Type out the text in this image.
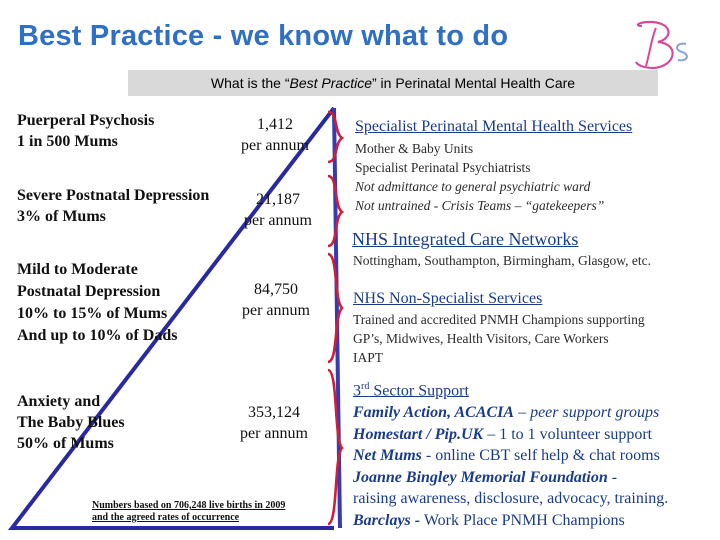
Best Practice - we know what to do
What is the “Best Practice” in Perinatal Mental Health Care
Puerperal Psychosis
1 in 500 Mums
1,412
per annum
Severe Postnatal Depression
3% of Mums
21,187
per annum
Mild to Moderate
Postnatal Depression
10% to 15% of Mums
And up to 10% of Dads
84,750
per annum
Anxiety and
The Baby Blues
50% of Mums
353,124
per annum
Numbers based on 706,248 live births in 2009
and the agreed rates of occurrence
Specialist Perinatal Mental Health Services
Mother & Baby Units
Specialist Perinatal Psychiatrists
Not admittance to general psychiatric ward
Not untrained - Crisis Teams – “gatekeepers”
NHS Integrated Care Networks
Nottingham, Southampton, Birmingham, Glasgow, etc.
NHS Non-Specialist Services
Trained and accredited PNMH Champions supporting
GP’s, Midwives, Health Visitors, Care Workers
IAPT
3rd Sector Support
Family Action, ACACIA – peer support groups
Homestart / Pip.UK – 1 to 1 volunteer support
Net Mums - online CBT self help & chat rooms
Joanne Bingley Memorial Foundation -
raising awareness, disclosure, advocacy, training.
Barclays - Work Place PNMH Champions
